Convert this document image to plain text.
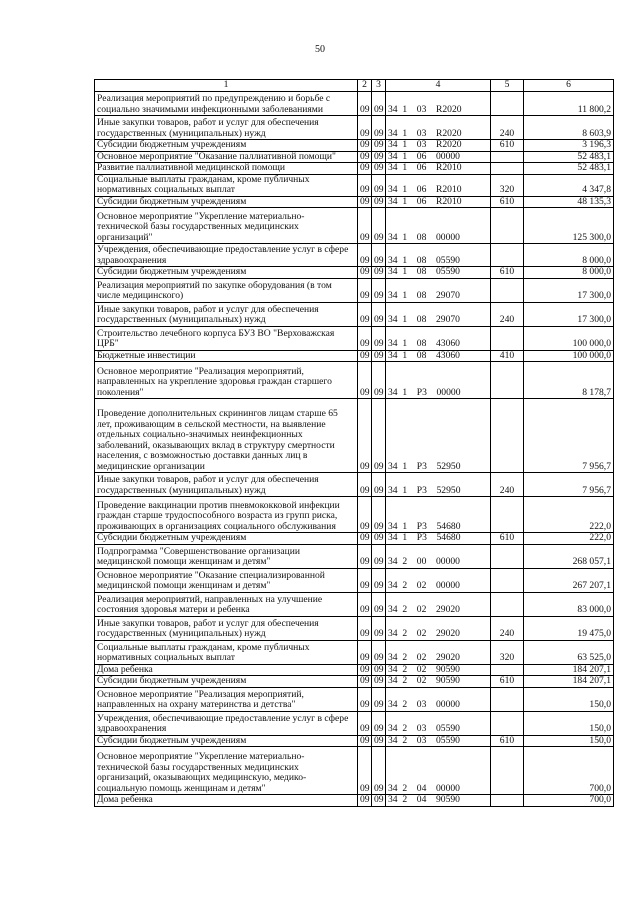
50
1	2	3	4	5	6
Реализация мероприятий по предупреждению и борьбе с социально значимыми инфекционными заболеваниями	09	09	34  1    03    R2020		11 800,2
Иные закупки товаров, работ и услуг для обеспечения государственных (муниципальных) нужд	09	09	34  1    03    R2020	240	8 603,9
Субсидии бюджетным учреждениям	09	09	34  1    03    R2020	610	3 196,3
Основное мероприятие "Оказание паллиативной помощи"	09	09	34  1    06    00000		52 483,1
Развитие паллиативной медицинской помощи	09	09	34  1    06    R2010		52 483,1
Социальные выплаты гражданам, кроме публичных нормативных социальных выплат	09	09	34  1    06    R2010	320	4 347,8
Субсидии бюджетным учреждениям	09	09	34  1    06    R2010	610	48 135,3
Основное мероприятие "Укрепление материально-технической базы государственных медицинских организаций"	09	09	34  1    08    00000		125 300,0
Учреждения, обеспечивающие предоставление услуг в сфере здравоохранения	09	09	34  1    08    05590		8 000,0
Субсидии бюджетным учреждениям	09	09	34  1    08    05590	610	8 000,0
Реализация мероприятий по закупке оборудования (в том числе медицинского)	09	09	34  1    08    29070		17 300,0
Иные закупки товаров, работ и услуг для обеспечения государственных (муниципальных) нужд	09	09	34  1    08    29070	240	17 300,0
Строительство лечебного корпуса БУЗ ВО "Верховажская ЦРБ"	09	09	34  1    08    43060		100 000,0
Бюджетные инвестиции	09	09	34  1    08    43060	410	100 000,0
Основное мероприятие "Реализация мероприятий, направленных на укрепление здоровья граждан старшего поколения"	09	09	34  1    P3    00000		8 178,7
Проведение дополнительных скринингов лицам старше 65 лет, проживающим в сельской местности, на выявление отдельных социально-значимых неинфекционных заболеваний, оказывающих вклад в структуру смертности населения, с возможностью доставки данных лиц в медицинские организации	09	09	34  1    P3    52950		7 956,7
Иные закупки товаров, работ и услуг для обеспечения государственных (муниципальных) нужд	09	09	34  1    P3    52950	240	7 956,7
Проведение вакцинации против пневмококковой инфекции граждан старше трудоспособного возраста из групп риска, проживающих в организациях социального обслуживания	09	09	34  1    P3    54680		222,0
Субсидии бюджетным учреждениям	09	09	34  1    P3    54680	610	222,0
Подпрограмма "Совершенствование организации медицинской помощи женщинам и детям"	09	09	34  2    00    00000		268 057,1
Основное мероприятие "Оказание специализированной медицинской помощи женщинам и детям"	09	09	34  2    02    00000		267 207,1
Реализация мероприятий, направленных на улучшение состояния здоровья матери и ребенка	09	09	34  2    02    29020		83 000,0
Иные закупки товаров, работ и услуг для обеспечения государственных (муниципальных) нужд	09	09	34  2    02    29020	240	19 475,0
Социальные выплаты гражданам, кроме публичных нормативных социальных выплат	09	09	34  2    02    29020	320	63 525,0
Дома ребенка	09	09	34  2    02    90590		184 207,1
Субсидии бюджетным учреждениям	09	09	34  2    02    90590	610	184 207,1
Основное мероприятие "Реализация мероприятий, направленных на охрану материнства и детства"	09	09	34  2    03    00000		150,0
Учреждения, обеспечивающие предоставление услуг в сфере здравоохранения	09	09	34  2    03    05590		150,0
Субсидии бюджетным учреждениям	09	09	34  2    03    05590	610	150,0
Основное мероприятие "Укрепление материально-технической базы государственных медицинских организаций, оказывающих медицинскую, медико-социальную помощь женщинам и детям"	09	09	34  2    04    00000		700,0
Дома ребенка	09	09	34  2    04    90590		700,0
